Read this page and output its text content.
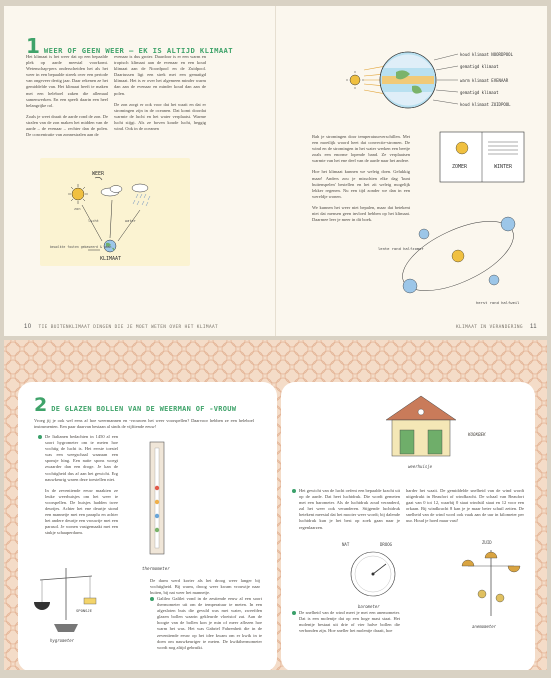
1 WEER OF GEEN WEER – EK IS ALTIJD KLIMAAT

Het klimaat is het weer dat op een bepaalde plek op aarde meestal voorkomt. Wetenschap-pers onderscheiden het als het weer in een bepaalde streek over een periode van ongeveer dertig jaar. Daar rekenen ze het gemiddelde van. Het klimaat heeft te maken met een heleboel zaken die allemaal samenwerken. En een speelt daarin een heel belangrijke rol.

Zoals je weet draait de aarde rond de zon. De stralen van de zon maken het midden van de aarde – de evenaar – rechter dan de polen. De concentratie van zonnestralen aan de

evenaar is dus groter. Daardoor is er een warm en tropisch klimaat aan de evenaar en een koud klimaat aan de Noordpool en de Zuidpool. Daartussen ligt een strek met een gematigd klimaat. Het is er over het algemeen minder warm dan aan de evenaar en minder koud dan aan de polen.

De zon zorgt er ook voor dat het waait en dat er stromingen zijn in de oceanen. Dat komt doordat warmte de lucht en het water verplaatst. Warme lucht stijgt. Als ze boven koude lucht, heggig wind. Ook in de oceanen

WEER
lucht	water
zon
bewolkte fouten gebaseerd & gaan
KLIMAAT
koud klimaat NOORDPOOL
gematigd klimaat
warm klimaat EVENAAR
gematigd klimaat
koud klimaat ZUIDPOOL

Bah je stromingen door temperatuurverschillen. Met een moeilijk woord heet dat convectie-stromen. De wind en de stromingen in het water werken een beetje zoals een enorme lopende band. Ze verplaatsen warmte van het ene deel van de aarde naar het andere.

Hoe het klimaat kunnen we weleig doen. Gelukkig maar! Anders zou je misschien elke dag 'kunt buitenspelen' bestellen en het zit weleig mogelijk lekker regenen. Nu een tijd zonder we dan in een wereldje wonen.

We kunnen het weer niet bepalen, maar dat betekent niet dat mensen geen invloed hebben op het klimaat. Daarmee leer je meer in dit boek.

ZOMER	WINTER
lente rond halfzomer
herst rond halfweil
10 TIE BUITENKLIMAAT DINGEN DIE JE MOET WETEN OVER HET KLIMAAT	KLIMAAT IN VERANDERING 11
2 DE GLAZEN BOLLEN VAN DE WEERMAN OF -VROUW

Vroeg jij je ook wel eens af hoe weermannen en -vrouwen het weer voorspellen? Daarvoor hebben ze een heleboel instrumenten. Een paar daarvan bestaan al sinds de vijftiende eeuw!

De Italianen bedachten in 1450 al een soort hygrometer om te meten hoe vochtig de lucht is. Het eerste toestel was een weegschaal waaraan een sponsje hing. Een natte spons woegt zwaarder dan een droge. Je kan de vochtigheid dus af aan het gewicht. Erg nauwkeurig waren deze toestellen niet.

In de zeventiende eeuw maakten ze leuke weerhuisjes om het weer te voorspellen. De huisjes hadden twee deurtjes. Achter het ene deurtje stond een mannetje met een paraplu en achter het andere deurtje een vrouwtje met een parasol. Je wonen vastgemaakt met een stukje schaaperdarm.

thermometer
SPONSJE
hygrometer

De darm werd korter als het droog weer langer bij vochtigheid. Bij warm, droog weer kwam vrouwtje naar buiten, bij nat weer het mannetje.

Galileo Galilei vond in de zestiende eeuw al een soort thermometer uit om de temperatuur te meten. In een afgesloten buis die gevuld was met water, zweefden glazen bollen waarin gekleurde vloeistof zat. Aan de hoogte van de bollen kon je min of meer aflezen hoe warm het was. Het was Gabriel Fahrenheit die in de zeventiende eeuw op het idee kwam om er kwik in te doen om nauwkeuriger te meten. De kwikthermometer wordt nog altijd gebruikt.
weerhuisje
KOOKBEK
Het gewicht van de lucht oefent een bepaalde kracht uit op de aarde. Dat heet luchtdruk. Die wordt gemeten met een barometer. Als de luchtdruk zoud veranderd, zal het weer ook veranderen. Stijgende luchtdruk betekent meestal dat het mooier weer wordt; bij dalende luchtdruk kun je het best op zoek gaan naar je regenlaarzen.

harder het waait. De gemiddelde snelheid van de wind wordt uitgedrukt in Beaufort of windkracht. De schaal van Beaufort gaat van 0 tot 12, waarbij 0 staat windstil staat en 12 voor een orkaan. Bij windkracht 8 kan je je maar beter schuil zetten. De snelheid van de wind word ook vaak aan de uur in kilometer per uur. Houd je hoed maar vast!

NAT	DROOG
barometer
ZUID
anemometer
De snelheid van de wind meet je met een anemometer. Dat is een molentje dat op een hoge mast staat. Het molentje bestaat uit drie of vier halve bollen die verbonden zijn. Hoe sneller het molentje draait, hoe
